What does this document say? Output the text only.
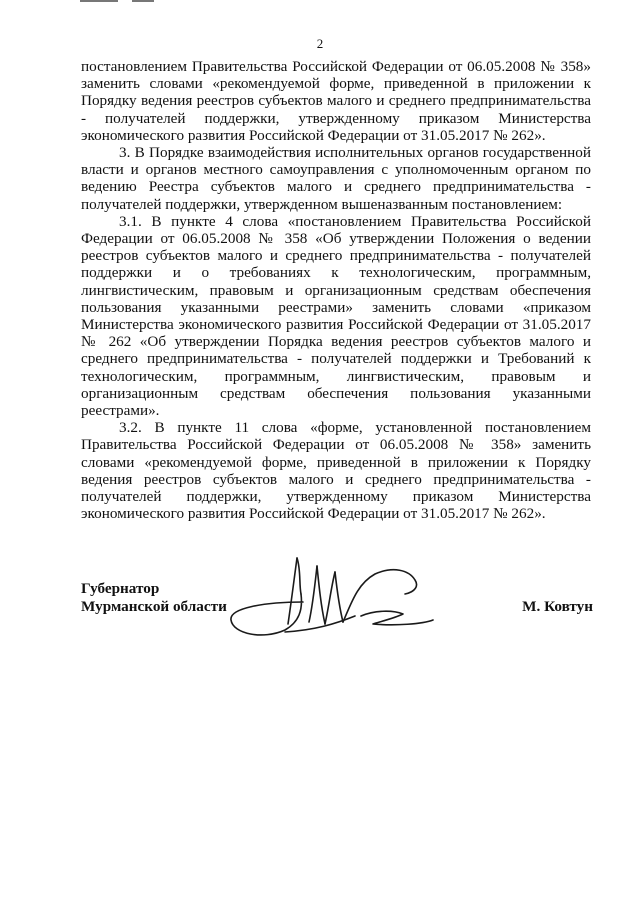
2

постановлением Правительства Российской Федерации от 06.05.2008 № 358» заменить словами «рекомендуемой форме, приведенной в приложении к Порядку ведения реестров субъектов малого и среднего предпринимательства - получателей поддержки, утвержденному приказом Министерства экономического развития Российской Федерации от 31.05.2017 № 262».

3. В Порядке взаимодействия исполнительных органов государственной власти и органов местного самоуправления с уполномоченным органом по ведению Реестра субъектов малого и среднего предпринимательства - получателей поддержки, утвержденном вышеназванным постановлением:

3.1. В пункте 4 слова «постановлением Правительства Российской Федерации от 06.05.2008 № 358 «Об утверждении Положения о ведении реестров субъектов малого и среднего предпринимательства - получателей поддержки и о требованиях к технологическим, программным, лингвистическим, правовым и организационным средствам обеспечения пользования указанными реестрами» заменить словами «приказом Министерства экономического развития Российской Федерации от 31.05.2017 № 262 «Об утверждении Порядка ведения реестров субъектов малого и среднего предпринимательства - получателей поддержки и Требований к технологическим, программным, лингвистическим, правовым и организационным средствам обеспечения пользования указанными реестрами».

3.2. В пункте 11 слова «форме, установленной постановлением Правительства Российской Федерации от 06.05.2008 № 358» заменить словами «рекомендуемой форме, приведенной в приложении к Порядку ведения реестров субъектов малого и среднего предпринимательства - получателей поддержки, утвержденному приказом Министерства экономического развития Российской Федерации от 31.05.2017 № 262».

Губернатор
Мурманской области	М. Ковтун
